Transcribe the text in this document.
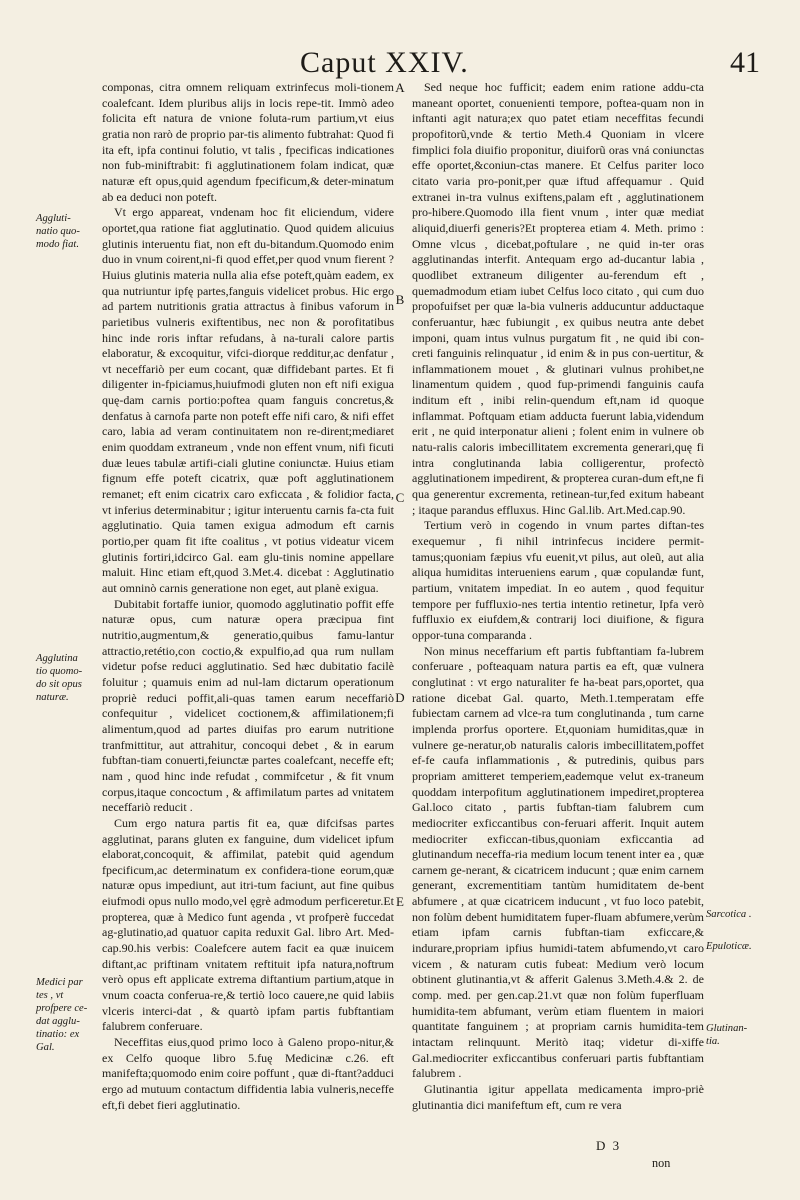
Caput XXIV.	41
Aggluti-
natio quo-
modo fiat.
Agglutina
tio quomo-
do sit opus
naturæ.
Medici par
tes , vt
profpere ce-
dat agglu-
tinatio: ex
Gal.
A
B
C
D
E

componas, citra omnem reliquam extrinfecus moli-tionem coalefcant. Idem pluribus alijs in locis repe-tit. Immò adeo folicita eft natura de vnione foluta-rum partium,vt eius gratia non rarò de proprio par-tis alimento fubtrahat: Quod fi ita eft, ipfa continui folutio, vt talis , fpecificas indicationes non fub-miniftrabit: fi agglutinationem folam indicat, quæ naturæ eft opus,quid agendum fpecificum,& deter-minatum ab ea deduci non poteft.

Vt ergo appareat, vndenam hoc fit eliciendum, videre oportet,qua ratione fiat agglutinatio. Quod quidem alicuius glutinis interuentu fiat, non eft du-bitandum.Quomodo enim duo in vnum coirent,ni-fi quod effet,per quod vnum fierent ? Huius glutinis materia nulla alia efse poteft,quàm eadem, ex qua nutriuntur ipfę partes,fanguis videlicet probus. Hic ergo ad partem nutritionis gratia attractus à finibus vaforum in parietibus vulneris exiftentibus, nec non & porofitatibus hinc inde roris inftar refudans, à na-turali calore partis elaboratur, & excoquitur, vifci-diorque redditur,ac denfatur , vt neceffariò per eum cocant, quæ diffidebant partes. Et fi diligenter in-fpiciamus,huiufmodi gluten non eft nifi exigua quę-dam carnis portio:poftea quam fanguis concretus,& denfatus à carnofa parte non poteft effe nifi caro, & nifi effet caro, labia ad veram continuitatem non re-dirent;mediaret enim quoddam extraneum , vnde non effent vnum, nifi ficuti duæ leues tabulæ artifi-ciali glutine coniunctæ. Huius etiam fignum effe poteft cicatrix, quæ poft agglutinationem remanet; eft enim cicatrix caro exficcata , & folidior facta, vt inferius determinabitur ; igitur interuentu carnis fa-cta fuit agglutinatio. Quia tamen exigua admodum eft carnis portio,per quam fit ifte coalitus , vt potius videatur vicem glutinis fortiri,idcirco Gal. eam glu-tinis nomine appellare maluit. Hinc etiam eft,quod 3.Met.4. dicebat : Agglutinatio aut omninò carnis generatione non eget, aut planè exigua.

Dubitabit fortaffe iunior, quomodo agglutinatio poffit effe naturæ opus, cum naturæ opera præcipua fint nutritio,augmentum,& generatio,quibus famu-lantur attractio,retétio,con coctio,& expulfio,ad qua rum nullam videtur pofse reduci agglutinatio. Sed hæc dubitatio facilè foluitur ; quamuis enim ad nul-lam dictarum operationum propriè reduci poffit,ali-quas tamen earum neceffariò confequitur , videlicet coctionem,& affimilationem;fi alimentum,quod ad partes diuifas pro earum nutritione tranfmittitur, aut attrahitur, concoqui debet , & in earum fubftan-tiam conuerti,feiunctæ partes coalefcant, neceffe eft; nam , quod hinc inde refudat , commifcetur , & fit vnum corpus,itaque concoctum , & affimilatum partes ad vnitatem neceffariò reducit .

Cum ergo natura partis fit ea, quæ difcifsas partes agglutinat, parans gluten ex fanguine, dum videlicet ipfum elaborat,concoquit, & affimilat, patebit quid agendum fpecificum,ac determinatum ex confidera-tione eorum,quæ naturæ opus impediunt, aut itri-tum faciunt, aut fine quibus eiufmodi opus nullo modo,vel ęgrè admodum perficeretur.Et propterea, quæ à Medico funt agenda , vt profperè fuccedat ag-glutinatio,ad quatuor capita reduxit Gal. libro Art. Med-cap.90.his verbis: Coalefcere autem facit ea quæ inuicem diftant,ac priftinam vnitatem reftituit ipfa natura,noftrum verò opus eft applicate extrema diftantium partium,atque in vnum coacta conferua-re,& tertiò loco cauere,ne quid labiis vlceris interci-dat , & quartò ipfam partis fubftantiam falubrem conferuare.

Neceffitas eius,quod primo loco à Galeno propo-nitur,& ex Celfo quoque libro 5.fuę Medicinæ c.26. eft manifefta;quomodo enim coire poffunt , quæ di-ftant?adduci ergo ad mutuum contactum diffidentia labia vulneris,neceffe eft,fi debet fieri agglutinatio.

Sed neque hoc fufficit; eadem enim ratione addu-cta maneant oportet, conuenienti tempore, poftea-quam non in inftanti agit natura;ex quo patet etiam neceffitas fecundi propofitorũ,vnde & tertio Meth.4 Quoniam in vlcere fimplici fola diuifio proponitur, diuiforũ oras vná coniunctas effe oportet,&coniun-ctas manere. Et Celfus pariter loco citato varia pro-ponit,per quæ iftud affequamur . Quid extranei in-tra vulnus exiftens,palam eft , agglutinationem pro-hibere.Quomodo illa fient vnum , inter quæ mediat aliquid,diuerfi generis?Et propterea etiam 4. Meth. primo : Omne vlcus , dicebat,poftulare , ne quid in-ter oras agglutinandas interfit. Antequam ergo ad-ducantur labia , quodlibet extraneum diligenter au-ferendum eft , quemadmodum etiam iubet Celfus loco citato , qui cum duo propofuifset per quæ la-bia vulneris adducuntur adductaque conferuantur, hæc fubiungit , ex quibus neutra ante debet imponi, quam intus vulnus purgatum fit , ne quid ibi con-creti fanguinis relinquatur , id enim & in pus con-uertitur, & inflammationem mouet , & glutinari vulnus prohibet,ne linamentum quidem , quod fup-primendi fanguinis caufa inditum eft , inibi relin-quendum eft,nam id quoque inflammat. Poftquam etiam adducta fuerunt labia,videndum erit , ne quid interponatur alieni ; folent enim in vulnere ob natu-ralis caloris imbecillitatem excrementa generari,quę fi intra conglutinanda labia colligerentur, profectò agglutinationem impedirent, & propterea curan-dum eft,ne fi qua generentur excrementa, retinean-tur,fed exitum habeant ; itaque parandus effluxus. Hinc Gal.lib. Art.Med.cap.90.

Tertium verò in cogendo in vnum partes diftan-tes exequemur , fi nihil intrinfecus incidere permit-tamus;quoniam fæpius vfu euenit,vt pilus, aut oleũ, aut alia aliqua humiditas interueniens earum , quæ copulandæ funt, partium, vnitatem impediat. In eo autem , quod fequitur tempore per fuffluxio-nes tertia intentio retinetur, Ipfa verò fuffluxio ex eiufdem,& contrarij loci diuifione, & figura oppor-tuna comparanda .

Non minus neceffarium eft partis fubftantiam fa-lubrem conferuare , pofteaquam natura partis ea eft, quæ vulnera conglutinat : vt ergo naturaliter fe ha-beat pars,oportet, qua ratione dicebat Gal. quarto, Meth.1.temperatam effe fubiectam carnem ad vlce-ra tum conglutinanda , tum carne implenda prorfus oportere. Et,quoniam humiditas,quæ in vulnere ge-neratur,ob naturalis caloris imbecillitatem,poffet ef-fe caufa inflammationis , & putredinis, quibus pars propriam amitteret temperiem,eademque velut ex-traneum quoddam interpofitum agglutinationem impediret,propterea Gal.loco citato , partis fubftan-tiam falubrem cum mediocriter exficcantibus con-feruari afferit. Inquit autem mediocriter exficcan-tibus,quoniam exficcantia ad glutinandum neceffa-ria medium locum tenent inter ea , quæ carnem ge-nerant, & cicatricem inducunt ; quæ enim carnem generant, excrementitiam tantùm humiditatem de-bent abfumere , at quæ cicatricem inducunt , vt fuo loco patebit, non folùm debent humiditatem fuper-fluam abfumere,verùm etiam ipfam carnis fubftan-tiam exficcare,& indurare,propriam ipfius humidi-tatem abfumendo,vt caro vicem , & naturam cutis fubeat: Medium verò locum obtinent glutinantia,vt & afferit Galenus 3.Meth.4.& 2. de comp. med. per gen.cap.21.vt quæ non folùm fuperfluam humidita-tem abfumant, verùm etiam fluentem in maiori quantitate fanguinem ; at propriam carnis humidita-tem intactam relinquunt. Meritò itaq; videtur di-xiffe Gal.mediocriter exficcantibus conferuari partis fubftantiam falubrem .

Glutinantia igitur appellata medicamenta impro-priè glutinantia dici manifeftum eft, cum re vera

Sarcotica .
Epuloticæ.
Glutinan-
tia.
D 3
non
